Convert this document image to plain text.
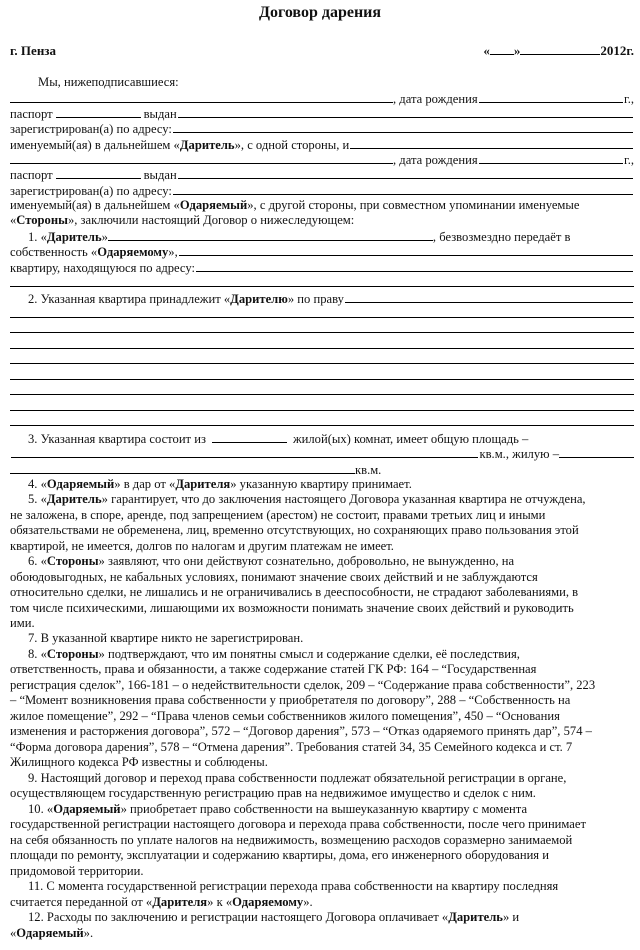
Договор дарения
г. Пенза	« »	2012г.
Мы, нижеподписавшиеся:
, дата рождения	г.,
паспорт	выдан
зарегистрирован(а) по адресу:
именуемый(ая) в дальнейшем « Даритель », с одной стороны, и
, дата рождения	г.,
паспорт	выдан
зарегистрирован(а) по адресу:
именуемый(ая) в дальнейшем « Одаряемый », с другой стороны, при совместном упоминании именуемые
«Стороны», заключили настоящий Договор о нижеследующем:
1. « Даритель »	, безвозмездно передаёт в
собственность « Одаряемому »,
квартиру, находящуюся по адресу:
2. Указанная квартира принадлежит « Дарителю » по праву
3. Указанная квартира состоит из	жилой(ых) комнат, имеет общую площадь –
кв.м., жилую –
кв.м.
4. «Одаряемый» в дар от «Дарителя» указанную квартиру принимает.
5. «Даритель» гарантирует, что до заключения настоящего Договора указанная квартира не отчуждена,
не заложена, в споре, аренде, под запрещением (арестом) не состоит, правами третьих лиц и иными
обязательствами не обременена, лиц, временно отсутствующих, но сохраняющих право пользования этой
квартирой, не имеется, долгов по налогам и другим платежам не имеет.
6. «Стороны» заявляют, что они действуют сознательно, добровольно, не вынужденно, на
обоюдовыгодных, не кабальных условиях, понимают значение своих действий и не заблуждаются
относительно сделки, не лишались и не ограничивались в дееспособности, не страдают заболеваниями, в
том числе психическими, лишающими их возможности понимать значение своих действий и руководить
ими.
7. В указанной квартире никто не зарегистрирован.
8. «Стороны» подтверждают, что им понятны смысл и содержание сделки, её последствия,
ответственность, права и обязанности, а также содержание статей ГК РФ: 164 – “Государственная
регистрация сделок”, 166-181 – о недействительности сделок, 209 – “Содержание права собственности”, 223
– “Момент возникновения права собственности у приобретателя по договору”, 288 – “Собственность на
жилое помещение”, 292 – “Права членов семьи собственников жилого помещения”, 450 – “Основания
изменения и расторжения договора”, 572 – “Договор дарения”, 573 – “Отказ одаряемого принять дар”, 574 –
“Форма договора дарения”, 578 – “Отмена дарения”. Требования статей 34, 35 Семейного кодекса и ст. 7
Жилищного кодекса РФ известны и соблюдены.
9. Настоящий договор и переход права собственности подлежат обязательной регистрации в органе,
осуществляющем государственную регистрацию прав на недвижимое имущество и сделок с ним.
10. «Одаряемый» приобретает право собственности на вышеуказанную квартиру с момента
государственной регистрации настоящего договора и перехода права собственности, после чего принимает
на себя обязанность по уплате налогов на недвижимость, возмещению расходов соразмерно занимаемой
площади по ремонту, эксплуатации и содержанию квартиры, дома, его инженерного оборудования и
придомовой территории.
11. С момента государственной регистрации перехода права собственности на квартиру последняя
считается переданной от «Дарителя» к «Одаряемому».
12. Расходы по заключению и регистрации настоящего Договора оплачивает «Даритель» и
«Одаряемый».
